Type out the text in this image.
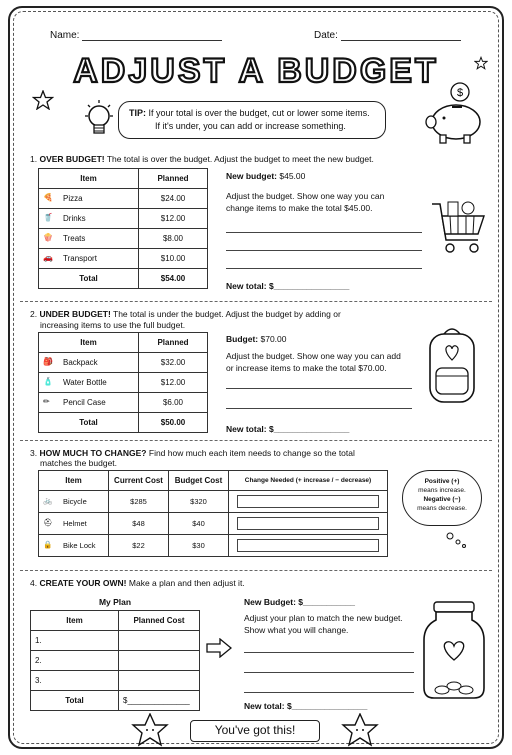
Name:	Date:
ADJUST A BUDGET
TIP: If your total is over the budget, cut or lower some items.
If it's under, you can add or increase something.
$
1. OVER BUDGET! The total is over the budget. Adjust the budget to meet the new budget.
Item	Planned

🍕 Pizza	$24.00

🥤 Drinks	$12.00

🍿 Treats	$8.00

🚗 Transport	$10.00
Total	$54.00
New budget: $45.00
Adjust the budget. Show one way you can change items to make the total $45.00.
New total: $________________
2. UNDER BUDGET! The total is under the budget. Adjust the budget by adding or
increasing items to use the full budget.
Item	Planned

🎒 Backpack	$32.00

🧴 Water Bottle	$12.00

✏ Pencil Case	$6.00
Total	$50.00
Budget: $70.00
Adjust the budget. Show one way you can add or increase items to make the total $70.00.
New total: $________________
3. HOW MUCH TO CHANGE? Find how much each item needs to change so the total
matches the budget.
Item	Current Cost	Budget Cost	Change Needed (+ increase / − decrease)

🚲 Bicycle	$285	$320	

⛑ Helmet	$48	$40	

🔒 Bike Lock	$22	$30	
Positive (+)
means increase.
Negative (−)
means decrease.
4. CREATE YOUR OWN! Make a plan and then adjust it.
My Plan
Item	Planned Cost
1.	
2.	
3.	
Total	$______________
New Budget: $___________
Adjust your plan to match the new budget. Show what you will change.
New total: $________________
You've got this!
